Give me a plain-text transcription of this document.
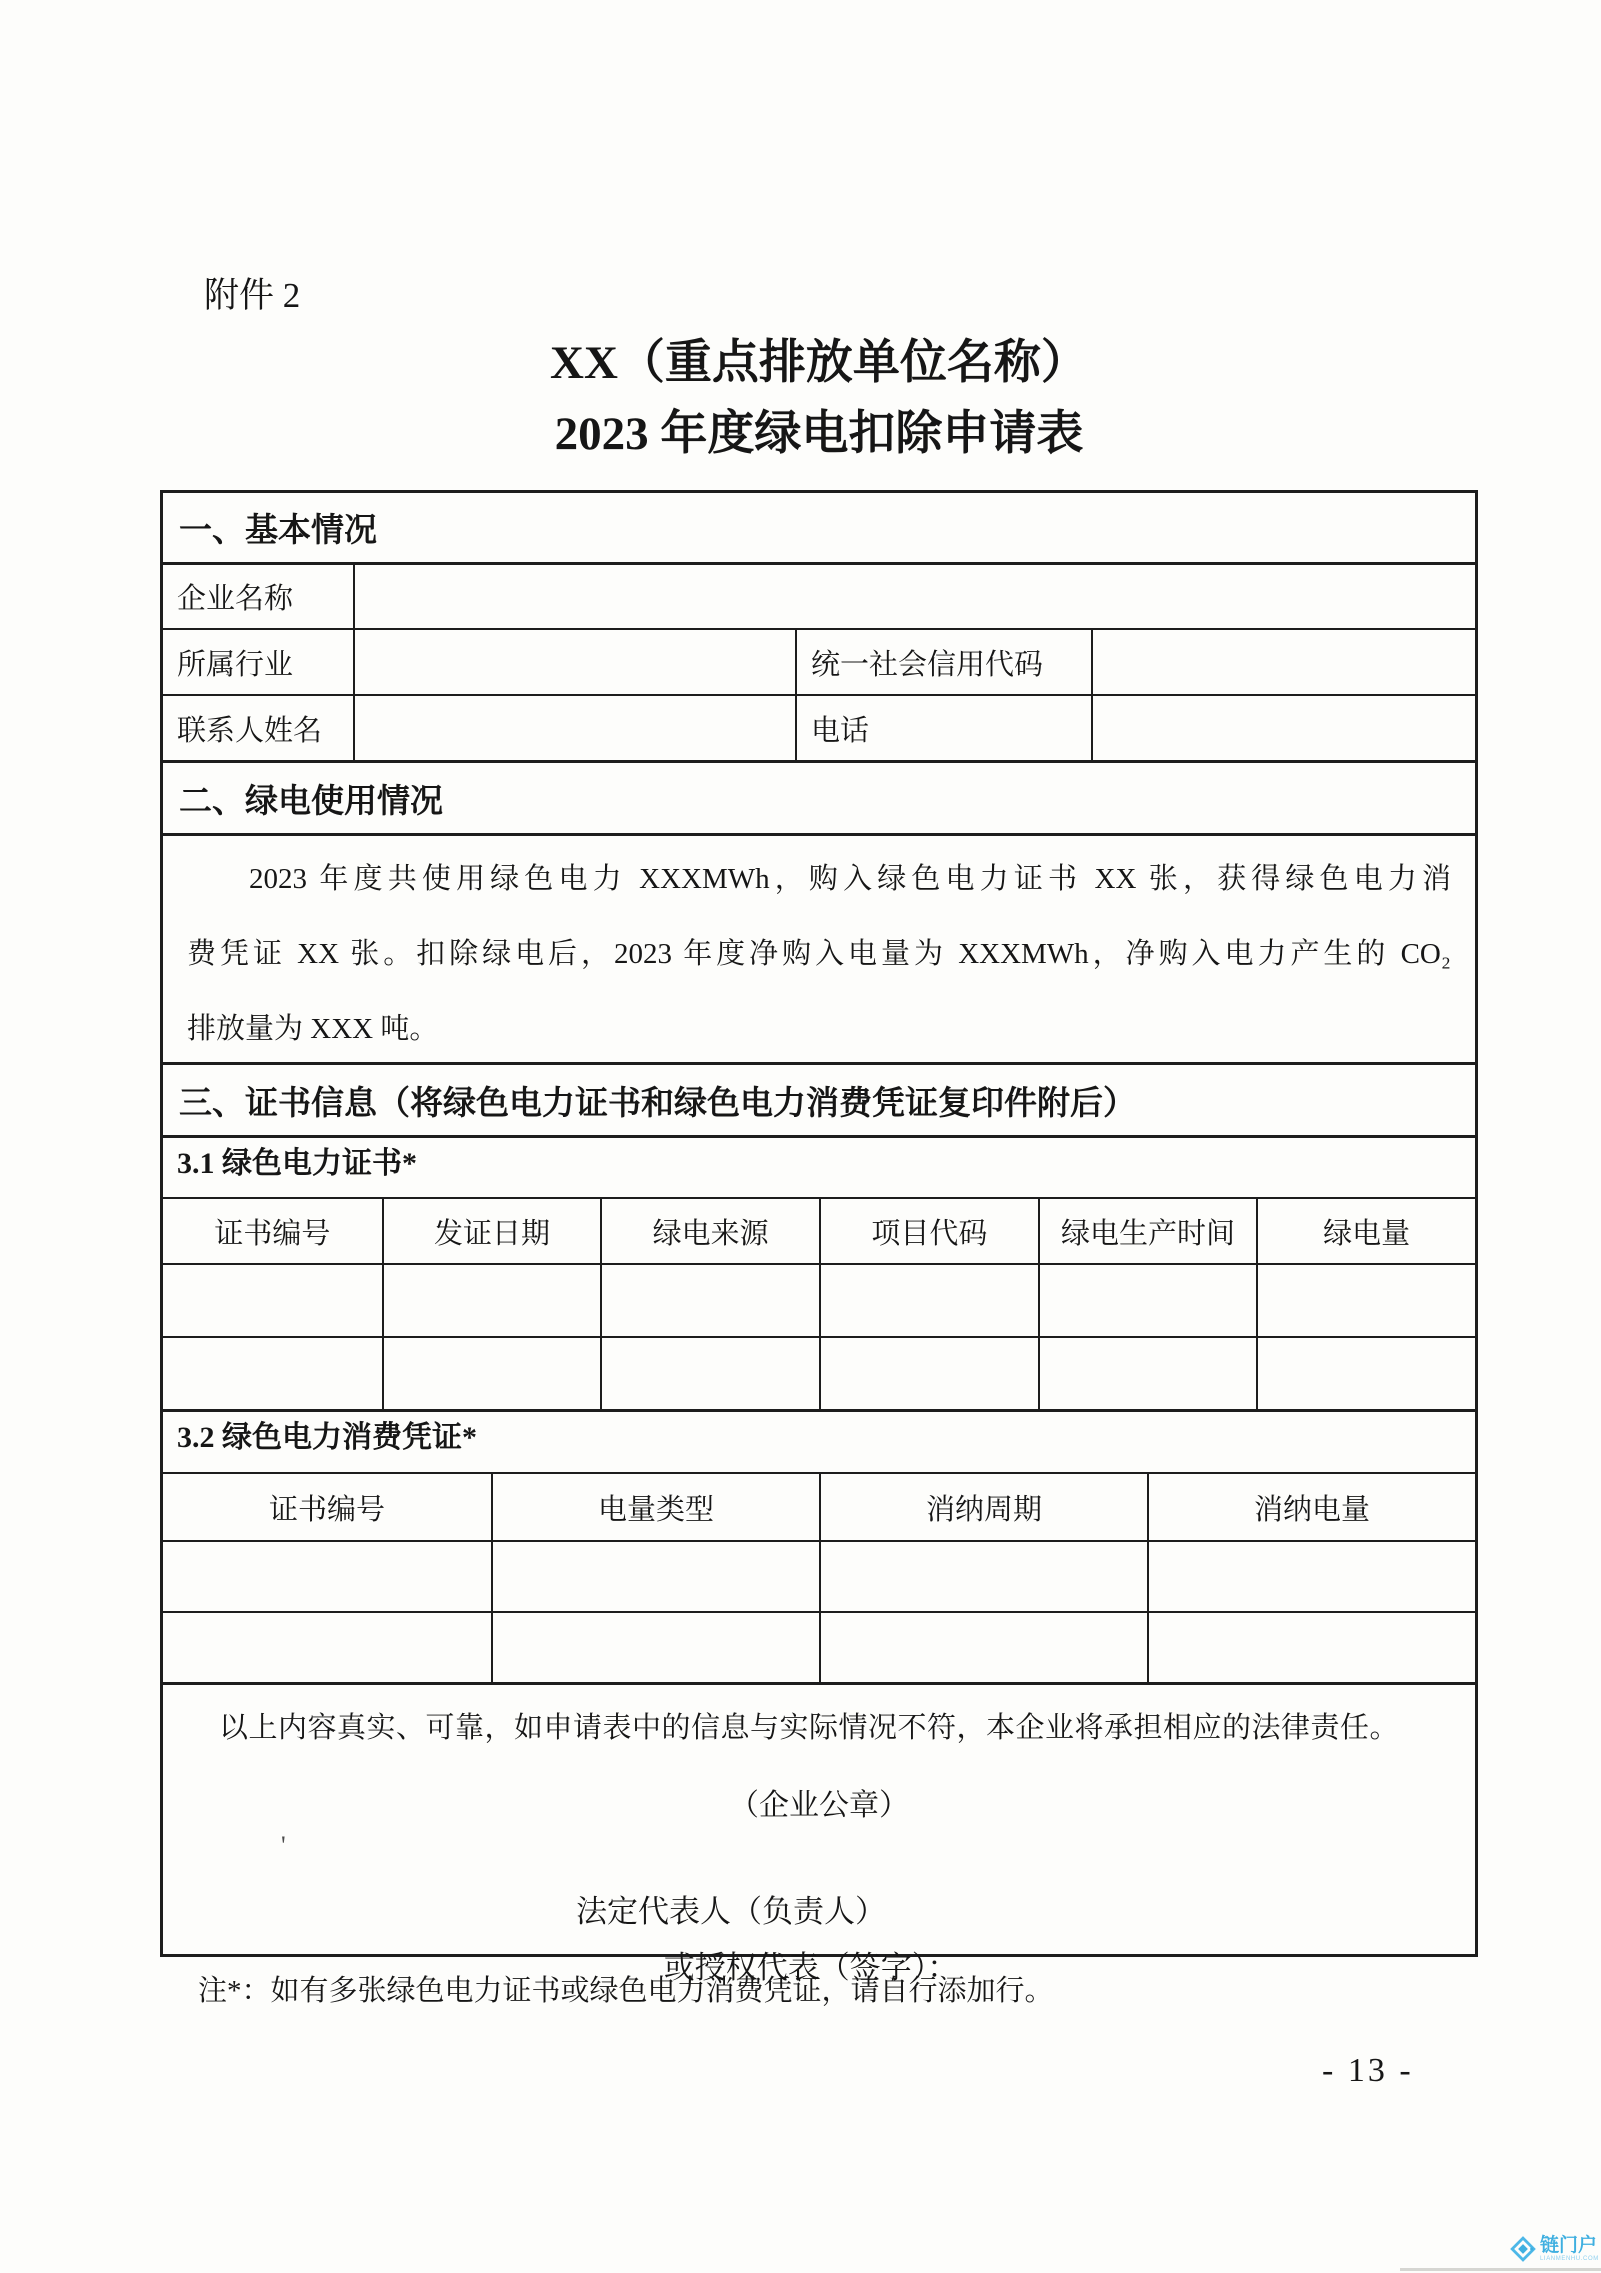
附件 2
XX（重点排放单位名称）
2023 年度绿电扣除申请表
一、基本情况
企业名称
所属行业	统一社会信用代码
联系人姓名	电话
二、绿电使用情况
2023 年度共使用绿色电力 XXXMWh，购入绿色电力证书 XX 张，获得绿色电力消
费凭证 XX 张。扣除绿电后，2023 年度净购入电量为 XXXMWh，净购入电力产生的 CO₂
排放量为 XXX 吨。
三、证书信息（将绿色电力证书和绿色电力消费凭证复印件附后）
3.1 绿色电力证书*
证书编号	发证日期	绿电来源	项目代码	绿电生产时间	绿电量
3.2 绿色电力消费凭证*
证书编号	电量类型	消纳周期	消纳电量
以上内容真实、可靠，如申请表中的信息与实际情况不符，本企业将承担相应的法律责任。
（企业公章）
'
法定代表人（负责人）
或授权代表（签字）：
注*：如有多张绿色电力证书或绿色电力消费凭证，请自行添加行。
- 13 -
链门户
LIANMENHU.COM
